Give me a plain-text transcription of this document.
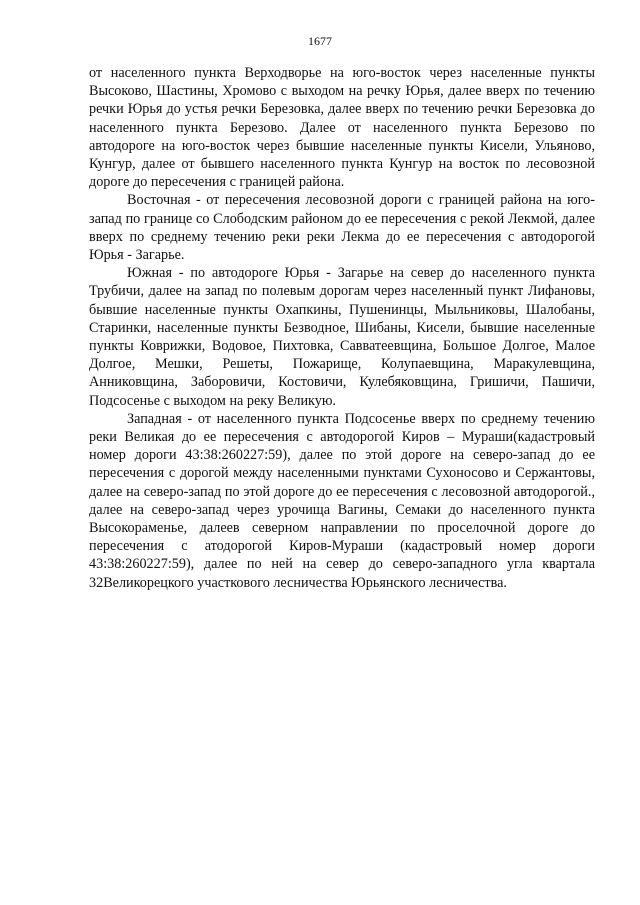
1677

от населенного пункта Верходворье на юго-восток через населенные пункты Высоково, Шастины, Хромово с выходом на речку Юрья, далее вверх по течению речки Юрья до устья речки Березовка, далее вверх по течению речки Березовка до населенного пункта Березово. Далее от населенного пункта Березово по автодороге на юго-восток через бывшие населенные пункты Кисели, Ульяново, Кунгур, далее от бывшего населенного пункта Кунгур на восток по лесовозной дороге до пересечения с границей района.

Восточная - от пересечения лесовозной дороги с границей района на юго-запад по границе со Слободским районом до ее пересечения с рекой Лекмой, далее вверх по среднему течению реки реки Лекма до ее пересечения с автодорогой Юрья - Загарье.

Южная - по автодороге Юрья - Загарье на север до населенного пункта Трубичи, далее на запад по полевым дорогам через населенный пункт Лифановы, бывшие населенные пункты Охапкины, Пушенинцы, Мыльниковы, Шалобаны, Старинки, населенные пункты Безводное, Шибаны, Кисели, бывшие населенные пункты Коврижки, Водовое, Пихтовка, Савватеевщина, Большое Долгое, Малое Долгое, Мешки, Решеты, Пожарище, Колупаевщина, Маракулевщина, Анниковщина, Заборовичи, Костовичи, Кулебяковщина, Гришичи, Пашичи, Подсосенье с выходом на реку Великую.

Западная - от населенного пункта Подсосенье вверх по среднему течению реки Великая до ее пересечения с автодорогой Киров – Мураши(кадастровый номер дороги 43:38:260227:59), далее по этой дороге на северо-запад до ее пересечения с дорогой между населенными пунктами Сухоносово и Сержантовы, далее на северо-запад по этой дороге до ее пересечения с лесовозной автодорогой., далее на северо-запад через урочища Вагины, Семаки до населенного пункта Высокораменье, далеев северном направлении по проселочной дороге до пересечения с атодорогой Киров-Мураши (кадастровый номер дороги 43:38:260227:59), далее по ней на север до северо-западного угла квартала 32Великорецкого участкового лесничества Юрьянского лесничества.
